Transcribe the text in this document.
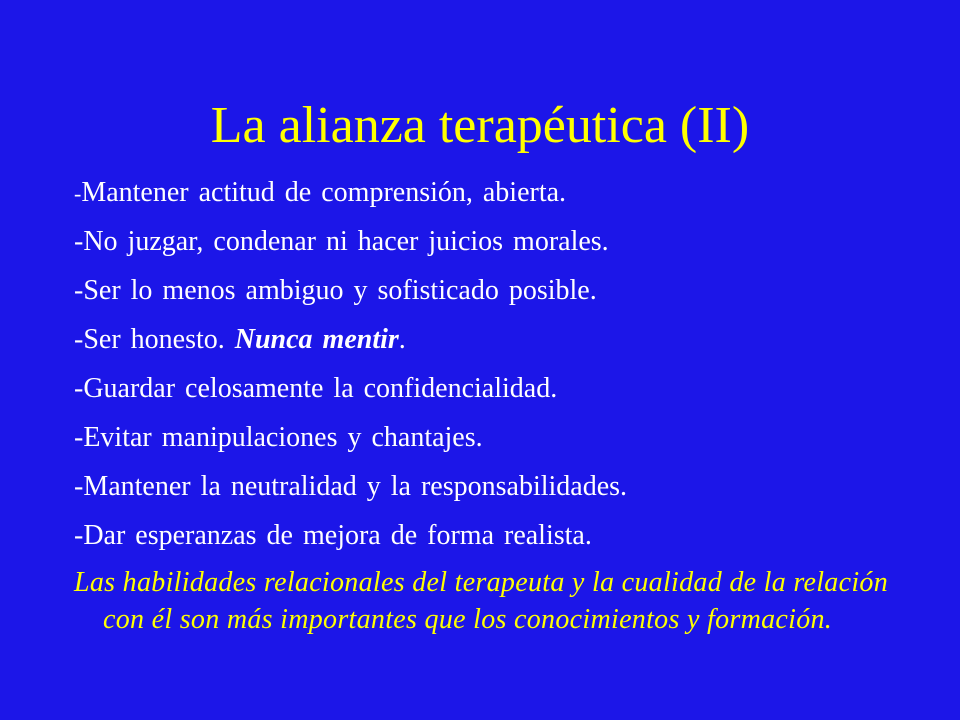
La alianza terapéutica (II)
-Mantener actitud de comprensión, abierta.
-No juzgar, condenar ni hacer juicios morales.
-Ser lo menos ambiguo y sofisticado posible.
-Ser honesto. Nunca mentir.
-Guardar celosamente la confidencialidad.
-Evitar manipulaciones y chantajes.
-Mantener la neutralidad y la responsabilidades.
-Dar esperanzas de mejora de forma realista.

Las habilidades relacionales del terapeuta y la cualidad de la relación con él son más importantes que los conocimientos y formación.
